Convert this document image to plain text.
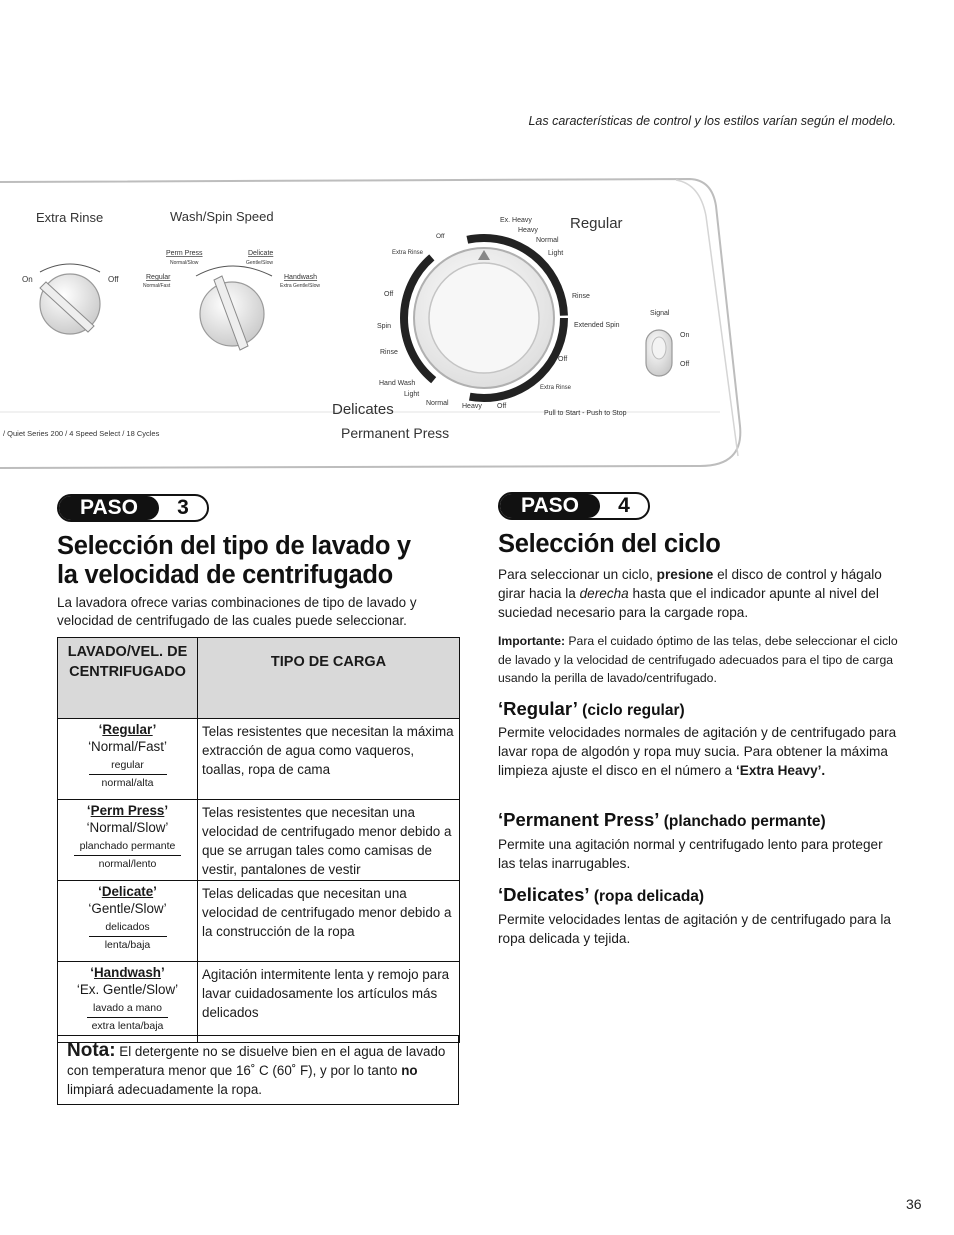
Las características de control y los estilos varían según el modelo.
Extra Rinse
On	Off
Wash/Spin Speed
Perm Press
Normal/Slow
Delicate
Gentle/Slow
Regular
Normal/Fast
Handwash
Extra Gentle/Slow
Off
Extra Rinse
Off
Spin
Rinse
Hand Wash
Light
Normal Heavy Off
Extra Rinse
Off
Extended Spin
Rinse
Light
Normal
Heavy
Ex. Heavy	Regular
Delicates
Permanent Press
Pull to Start - Push to Stop
/ Quiet Series 200 / 4 Speed Select / 18 Cycles
Signal
On
Off
PASO	3
Selección del tipo de lavado y
la velocidad de centrifugado

La lavadora ofrece varias combinaciones de tipo de lavado y velocidad de centrifugado de las cuales puede seleccionar.

LAVADO/VEL. DE CENTRIFUGADO	TIPO DE CARGA

‘Regular’
‘Normal/Fast’
regular
normal/alta	Telas resistentes que necesitan la máxima extracción de agua como vaqueros, toallas, ropa de cama

‘Perm Press’
‘Normal/Slow’
planchado permante
normal/lento	Telas resistentes que necesitan una velocidad de centrifugado menor debido a que se arrugan tales como camisas de vestir, pantalones de vestir

‘Delicate’
‘Gentle/Slow’
delicados
lenta/baja	Telas delicadas que necesitan una velocidad de centrifugado menor debido a la construcción de la ropa

‘Handwash’
‘Ex. Gentle/Slow’
lavado a mano
extra lenta/baja	Agitación intermitente lenta y remojo para lavar cuidadosamente los artículos más delicados
Nota: El detergente no se disuelve bien en el agua de lavado con temperatura menor que 16˚ C (60˚ F), y por lo tanto no limpiará adecuadamente la ropa.
PASO	4
Selección del ciclo

Para seleccionar un ciclo, presione el disco de control y hágalo girar hacia la derecha hasta que el indicador apunte al nivel del suciedad necesario para la cargade ropa.

Importante: Para el cuidado óptimo de las telas, debe seleccionar el ciclo de lavado y la velocidad de centrifugado adecuados para el tipo de carga usando la perilla de lavado/centrifugado.

‘Regular’ (ciclo regular)

Permite velocidades normales de agitación y de centrifugado para lavar ropa de algodón y ropa muy sucia. Para obtener la máxima limpieza ajuste el disco en el número a ‘Extra Heavy’.

‘Permanent Press’ (planchado permante)

Permite una agitación normal y centrifugado lento para proteger las telas inarrugables.

‘Delicates’ (ropa delicada)

Permite velocidades lentas de agitación y de centrifugado para la ropa delicada y tejida.

36
